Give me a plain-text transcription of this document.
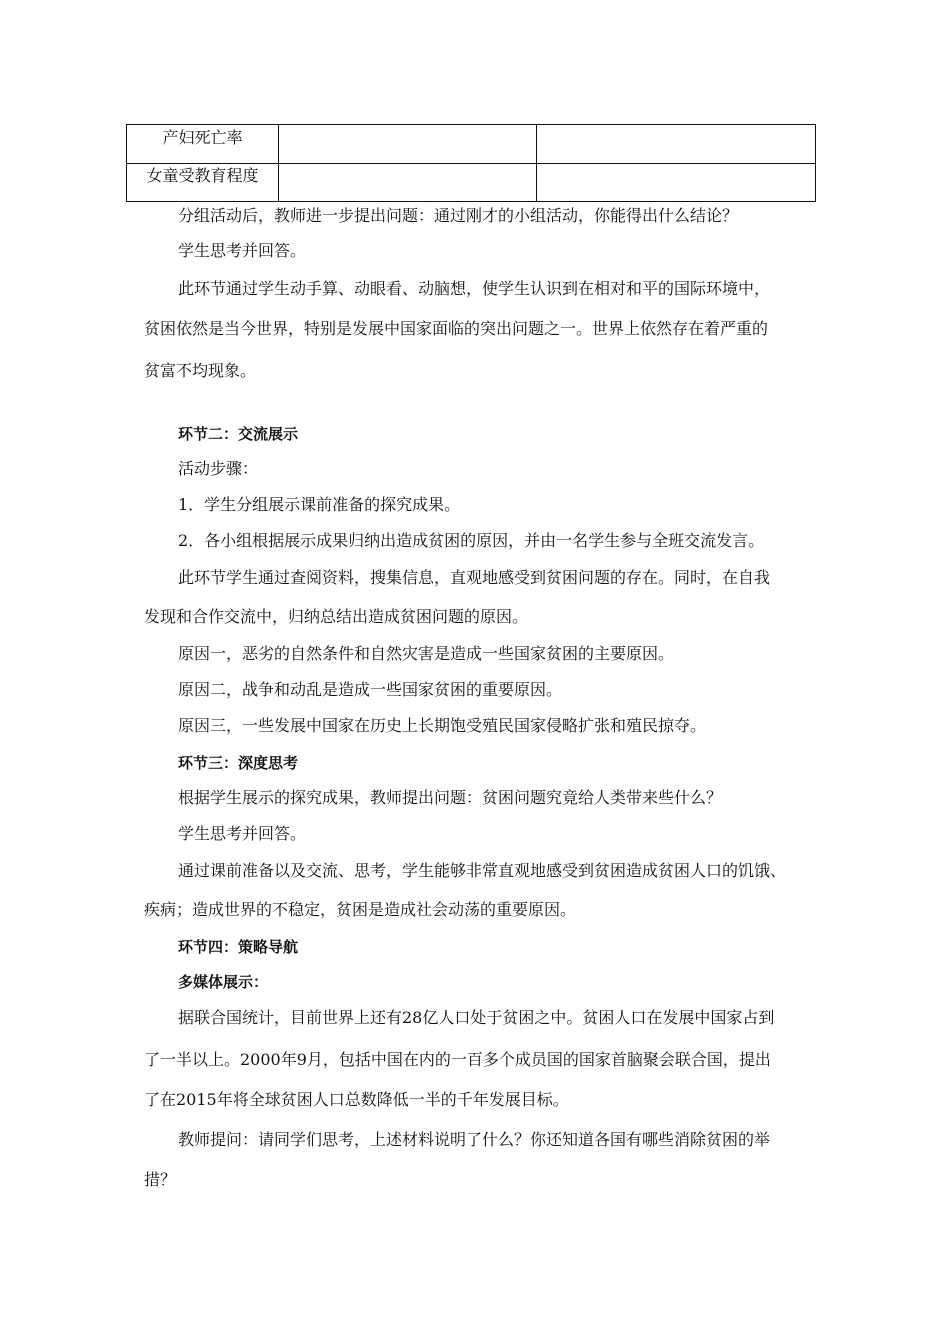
产妇死亡率
女童受教育程度
分组活动后，教师进一步提出问题：通过刚才的小组活动，你能得出什么结论？
学生思考并回答。
此环节通过学生动手算、动眼看、动脑想，使学生认识到在相对和平的国际环境中，
贫困依然是当今世界，特别是发展中国家面临的突出问题之一。世界上依然存在着严重的
贫富不均现象。
环节二：交流展示
活动步骤：
1．学生分组展示课前准备的探究成果。
2．各小组根据展示成果归纳出造成贫困的原因，并由一名学生参与全班交流发言。
此环节学生通过查阅资料，搜集信息，直观地感受到贫困问题的存在。同时，在自我
发现和合作交流中，归纳总结出造成贫困问题的原因。
原因一，恶劣的自然条件和自然灾害是造成一些国家贫困的主要原因。
原因二，战争和动乱是造成一些国家贫困的重要原因。
原因三，一些发展中国家在历史上长期饱受殖民国家侵略扩张和殖民掠夺。
环节三：深度思考
根据学生展示的探究成果，教师提出问题：贫困问题究竟给人类带来些什么？
学生思考并回答。
通过课前准备以及交流、思考，学生能够非常直观地感受到贫困造成贫困人口的饥饿、
疾病；造成世界的不稳定，贫困是造成社会动荡的重要原因。
环节四：策略导航
多媒体展示：
据联合国统计，目前世界上还有28亿人口处于贫困之中。贫困人口在发展中国家占到
了一半以上。2000年9月，包括中国在内的一百多个成员国的国家首脑聚会联合国，提出
了在2015年将全球贫困人口总数降低一半的千年发展目标。
教师提问：请同学们思考，上述材料说明了什么？你还知道各国有哪些消除贫困的举
措？
